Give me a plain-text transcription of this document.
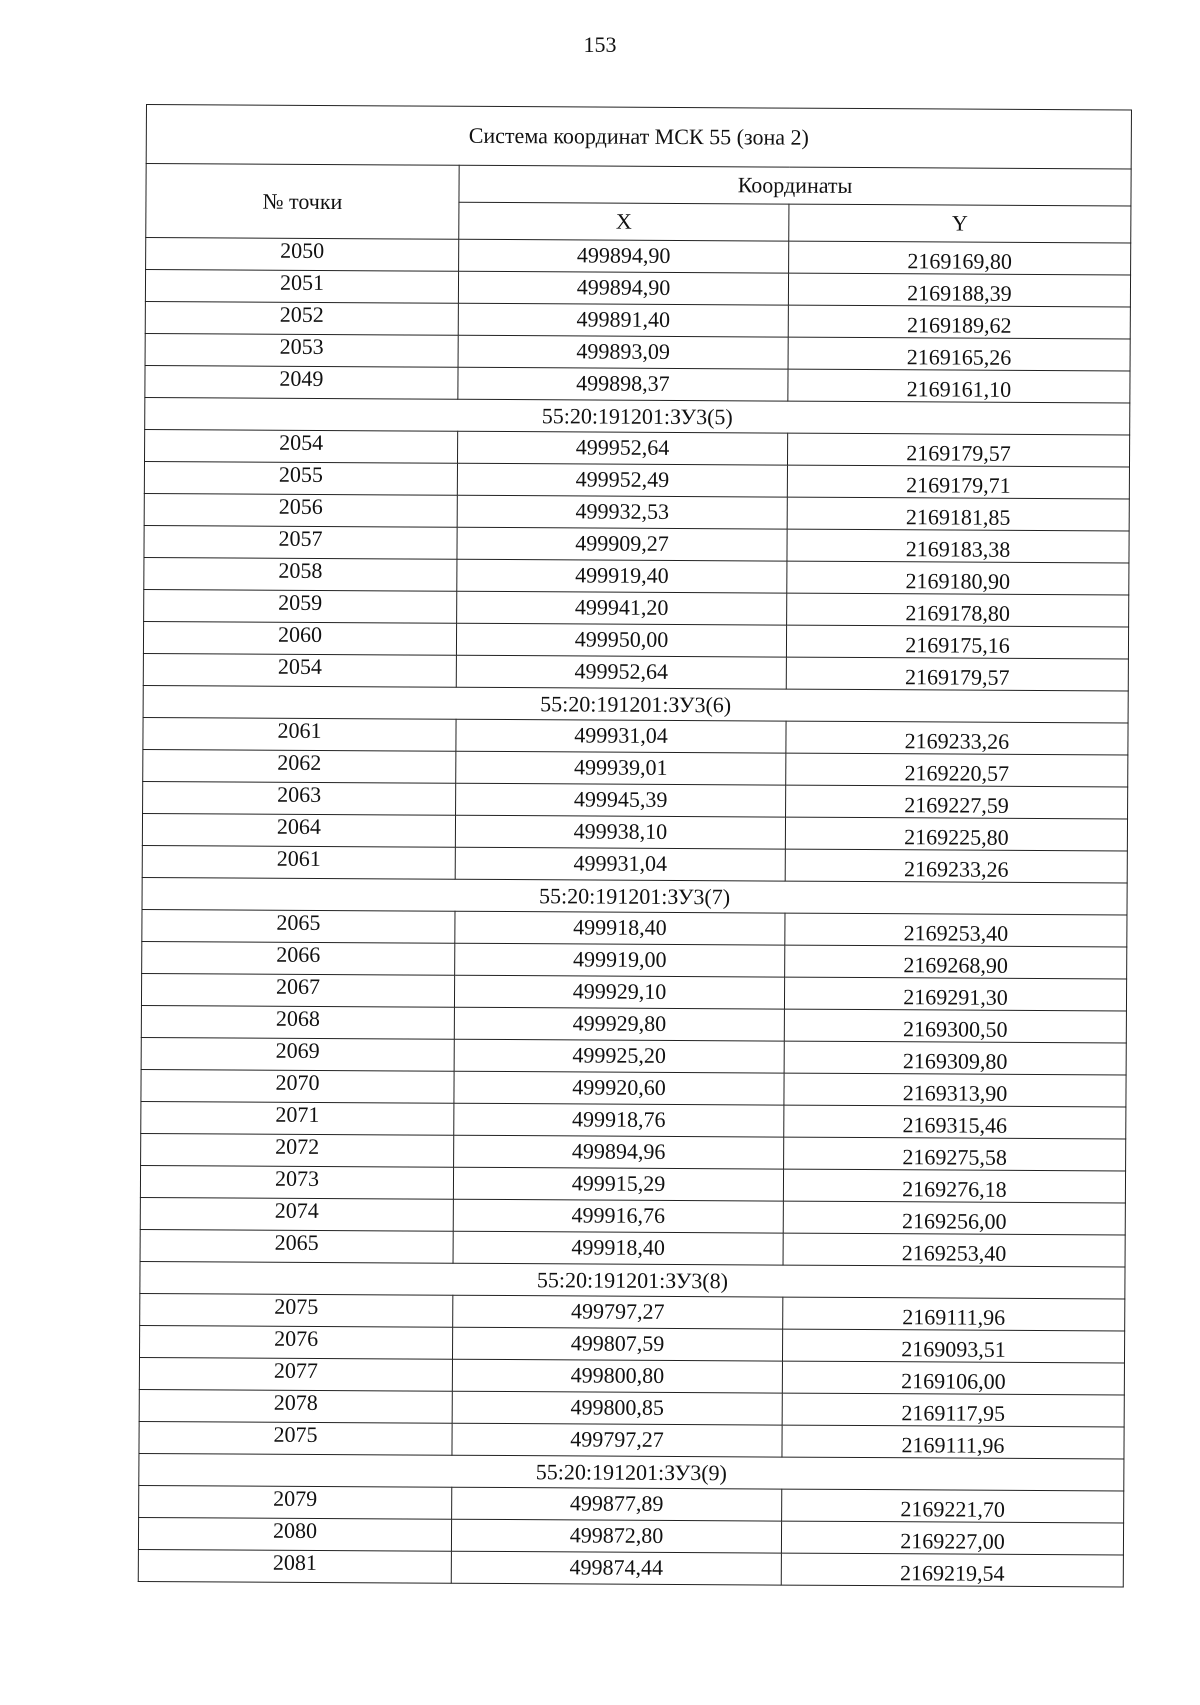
153
Система координат МСК 55 (зона 2)		
№ точки	Координаты	
	X	Y
2050	499894,90	2169169,80
2051	499894,90	2169188,39
2052	499891,40	2169189,62
2053	499893,09	2169165,26
2049	499898,37	2169161,10
55:20:191201:ЗУ3(5)		
2054	499952,64	2169179,57
2055	499952,49	2169179,71
2056	499932,53	2169181,85
2057	499909,27	2169183,38
2058	499919,40	2169180,90
2059	499941,20	2169178,80
2060	499950,00	2169175,16
2054	499952,64	2169179,57
55:20:191201:ЗУ3(6)		
2061	499931,04	2169233,26
2062	499939,01	2169220,57
2063	499945,39	2169227,59
2064	499938,10	2169225,80
2061	499931,04	2169233,26
55:20:191201:ЗУ3(7)		
2065	499918,40	2169253,40
2066	499919,00	2169268,90
2067	499929,10	2169291,30
2068	499929,80	2169300,50
2069	499925,20	2169309,80
2070	499920,60	2169313,90
2071	499918,76	2169315,46
2072	499894,96	2169275,58
2073	499915,29	2169276,18
2074	499916,76	2169256,00
2065	499918,40	2169253,40
55:20:191201:ЗУ3(8)		
2075	499797,27	2169111,96
2076	499807,59	2169093,51
2077	499800,80	2169106,00
2078	499800,85	2169117,95
2075	499797,27	2169111,96
55:20:191201:ЗУ3(9)		
2079	499877,89	2169221,70
2080	499872,80	2169227,00
2081	499874,44	2169219,54
